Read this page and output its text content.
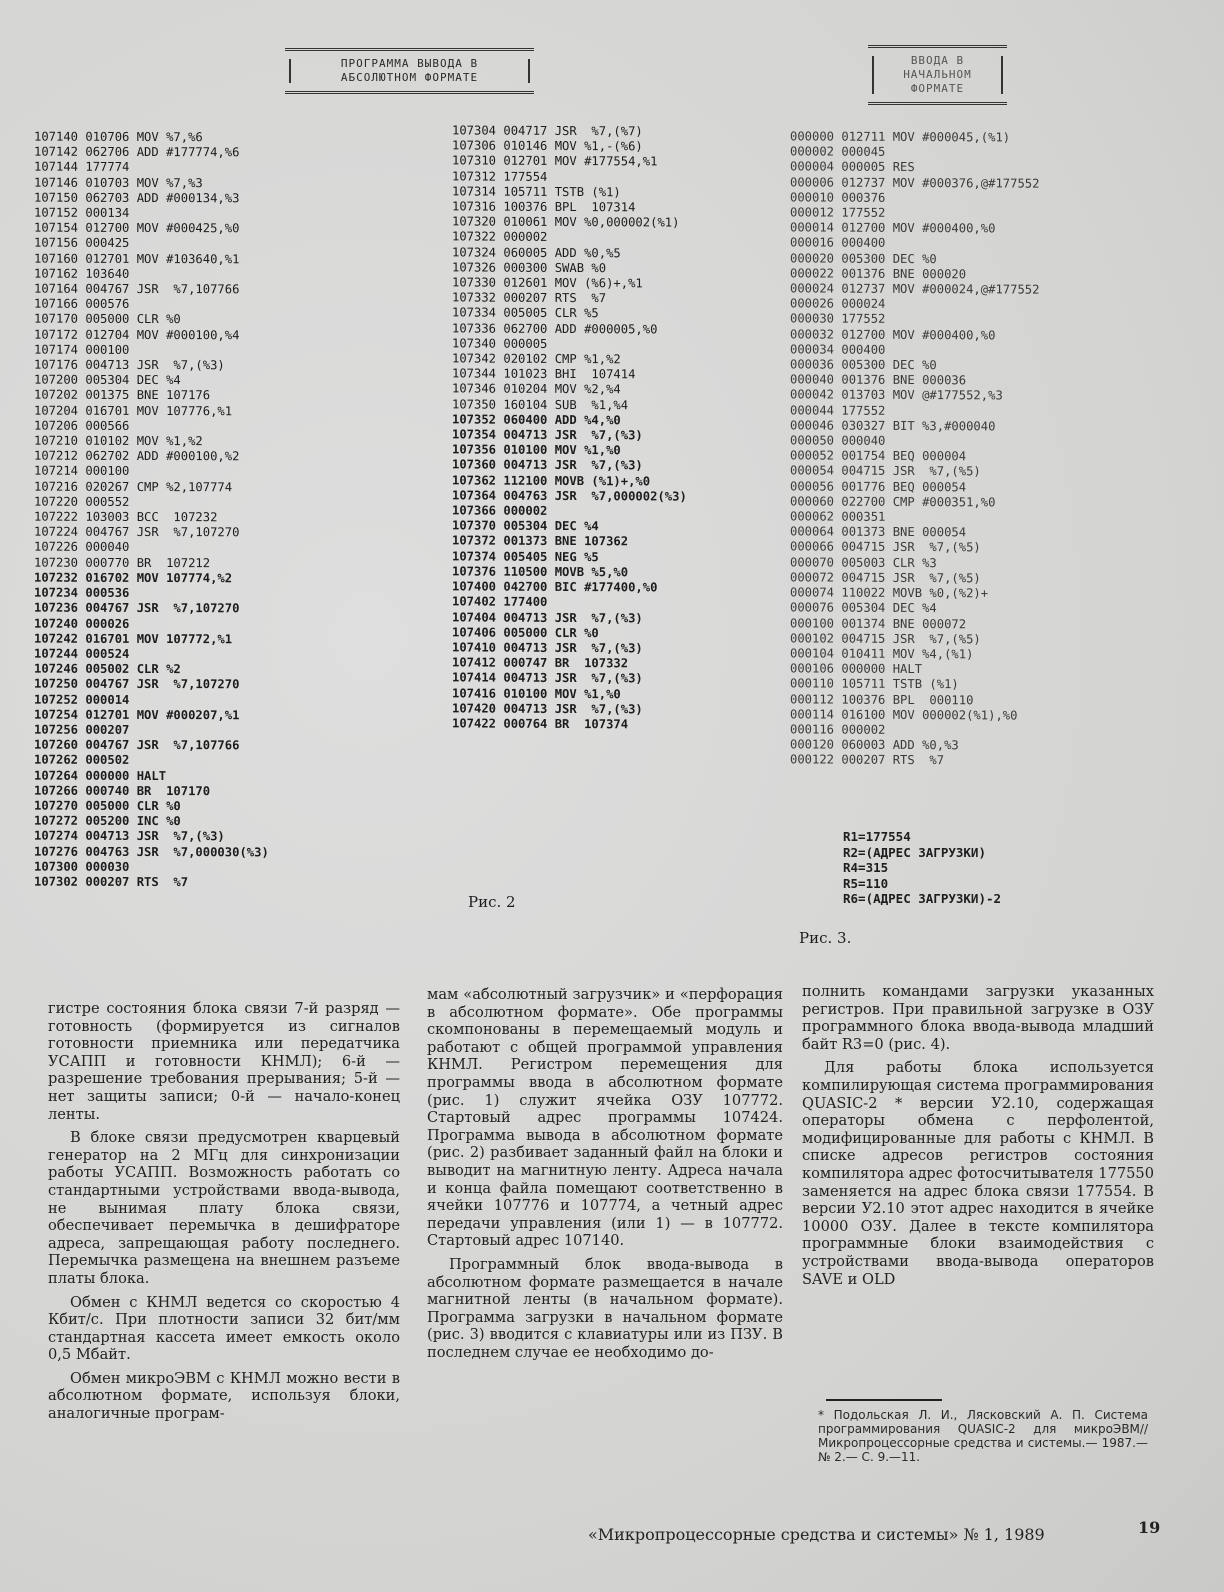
ПРОГРАММА ВЫВОДА В
АБСОЛЮТНОМ ФОРМАТЕ
ВВОДА В
НАЧАЛЬНОМ
ФОРМАТЕ
107140 010706 MOV %7,%6
107142 062706 ADD #177774,%6
107144 177774
107146 010703 MOV %7,%3
107150 062703 ADD #000134,%3
107152 000134
107154 012700 MOV #000425,%0
107156 000425
107160 012701 MOV #103640,%1
107162 103640
107164 004767 JSR  %7,107766
107166 000576
107170 005000 CLR %0
107172 012704 MOV #000100,%4
107174 000100
107176 004713 JSR  %7,(%3)
107200 005304 DEC %4
107202 001375 BNE 107176
107204 016701 MOV 107776,%1
107206 000566
107210 010102 MOV %1,%2
107212 062702 ADD #000100,%2
107214 000100
107216 020267 CMP %2,107774
107220 000552
107222 103003 BCC  107232
107224 004767 JSR  %7,107270
107226 000040
107230 000770 BR  107212
107232 016702 MOV 107774,%2
107234 000536
107236 004767 JSR  %7,107270
107240 000026
107242 016701 MOV 107772,%1
107244 000524
107246 005002 CLR %2
107250 004767 JSR  %7,107270
107252 000014
107254 012701 MOV #000207,%1
107256 000207
107260 004767 JSR  %7,107766
107262 000502
107264 000000 HALT
107266 000740 BR  107170
107270 005000 CLR %0
107272 005200 INC %0
107274 004713 JSR  %7,(%3)
107276 004763 JSR  %7,000030(%3)
107300 000030
107302 000207 RTS  %7
107304 004717 JSR  %7,(%7)
107306 010146 MOV %1,-(%6)
107310 012701 MOV #177554,%1
107312 177554
107314 105711 TSTB (%1)
107316 100376 BPL  107314
107320 010061 MOV %0,000002(%1)
107322 000002
107324 060005 ADD %0,%5
107326 000300 SWAB %0
107330 012601 MOV (%6)+,%1
107332 000207 RTS  %7
107334 005005 CLR %5
107336 062700 ADD #000005,%0
107340 000005
107342 020102 CMP %1,%2
107344 101023 BHI  107414
107346 010204 MOV %2,%4
107350 160104 SUB  %1,%4
107352 060400 ADD %4,%0
107354 004713 JSR  %7,(%3)
107356 010100 MOV %1,%0
107360 004713 JSR  %7,(%3)
107362 112100 MOVB (%1)+,%0
107364 004763 JSR  %7,000002(%3)
107366 000002
107370 005304 DEC %4
107372 001373 BNE 107362
107374 005405 NEG %5
107376 110500 MOVB %5,%0
107400 042700 BIC #177400,%0
107402 177400
107404 004713 JSR  %7,(%3)
107406 005000 CLR %0
107410 004713 JSR  %7,(%3)
107412 000747 BR  107332
107414 004713 JSR  %7,(%3)
107416 010100 MOV %1,%0
107420 004713 JSR  %7,(%3)
107422 000764 BR  107374
000000 012711 MOV #000045,(%1)
000002 000045
000004 000005 RES
000006 012737 MOV #000376,@#177552
000010 000376
000012 177552
000014 012700 MOV #000400,%0
000016 000400
000020 005300 DEC %0
000022 001376 BNE 000020
000024 012737 MOV #000024,@#177552
000026 000024
000030 177552
000032 012700 MOV #000400,%0
000034 000400
000036 005300 DEC %0
000040 001376 BNE 000036
000042 013703 MOV @#177552,%3
000044 177552
000046 030327 BIT %3,#000040
000050 000040
000052 001754 BEQ 000004
000054 004715 JSR  %7,(%5)
000056 001776 BEQ 000054
000060 022700 CMP #000351,%0
000062 000351
000064 001373 BNE 000054
000066 004715 JSR  %7,(%5)
000070 005003 CLR %3
000072 004715 JSR  %7,(%5)
000074 110022 MOVB %0,(%2)+
000076 005304 DEC %4
000100 001374 BNE 000072
000102 004715 JSR  %7,(%5)
000104 010411 MOV %4,(%1)
000106 000000 HALT
000110 105711 TSTB (%1)
000112 100376 BPL  000110
000114 016100 MOV 000002(%1),%0
000116 000002
000120 060003 ADD %0,%3
000122 000207 RTS  %7
R1=177554
R2=(АДРЕС ЗАГРУЗКИ)
R4=315
R5=110
R6=(АДРЕС ЗАГРУЗКИ)-2
Рис. 2
Рис. 3.

гистре состояния блока связи 7-й разряд — готовность (формируется из сигналов готовности приемника или передатчика УСАПП и готовности КНМЛ); 6-й — разрешение требования прерывания; 5-й — нет защиты записи; 0-й — начало-конец ленты.

В блоке связи предусмотрен кварцевый генератор на 2 МГц для синхронизации работы УСАПП. Возможность работать со стандартными устройствами ввода-вывода, не вынимая плату блока связи, обеспечивает перемычка в дешифраторе адреса, запрещающая работу последнего. Перемычка размещена на внешнем разъеме платы блока.

Обмен с КНМЛ ведется со скоростью 4 Кбит/с. При плотности записи 32 бит/мм стандартная кассета имеет емкость около 0,5 Мбайт.

Обмен микроЭВМ с КНМЛ можно вести в абсолютном формате, используя блоки, аналогичные програм-

мам «абсолютный загрузчик» и «перфорация в абсолютном формате». Обе программы скомпонованы в перемещаемый модуль и работают с общей программой управления КНМЛ. Регистром перемещения для программы ввода в абсолютном формате (рис. 1) служит ячейка ОЗУ 107772. Стартовый адрес программы 107424. Программа вывода в абсолютном формате (рис. 2) разбивает заданный файл на блоки и выводит на магнитную ленту. Адреса начала и конца файла помещают соответственно в ячейки 107776 и 107774, а четный адрес передачи управления (или 1) — в 107772. Стартовый адрес 107140.

Программный блок ввода-вывода в абсолютном формате размещается в начале магнитной ленты (в начальном формате). Программа загрузки в начальном формате (рис. 3) вводится с клавиатуры или из ПЗУ. В последнем случае ее необходимо до-

полнить командами загрузки указанных регистров. При правильной загрузке в ОЗУ программного блока ввода-вывода младший байт R3=0 (рис. 4).

Для работы блока используется компилирующая система программирования QUASIC-2 * версии У2.10, содержащая операторы обмена с перфолентой, модифицированные для работы с КНМЛ. В списке адресов регистров состояния компилятора адрес фотосчитывателя 177550 заменяется на адрес блока связи 177554. В версии У2.10 этот адрес находится в ячейке 10000 ОЗУ. Далее в тексте компилятора программные блоки взаимодействия с устройствами ввода-вывода операторов SAVE и OLD

* Подольская Л. И., Лясковский А. П. Система программирования QUASIC-2 для микроЭВМ//Микропроцессорные средства и системы.— 1987.— № 2.— С. 9.—11.
«Микропроцессорные средства и системы» № 1, 1989	19
